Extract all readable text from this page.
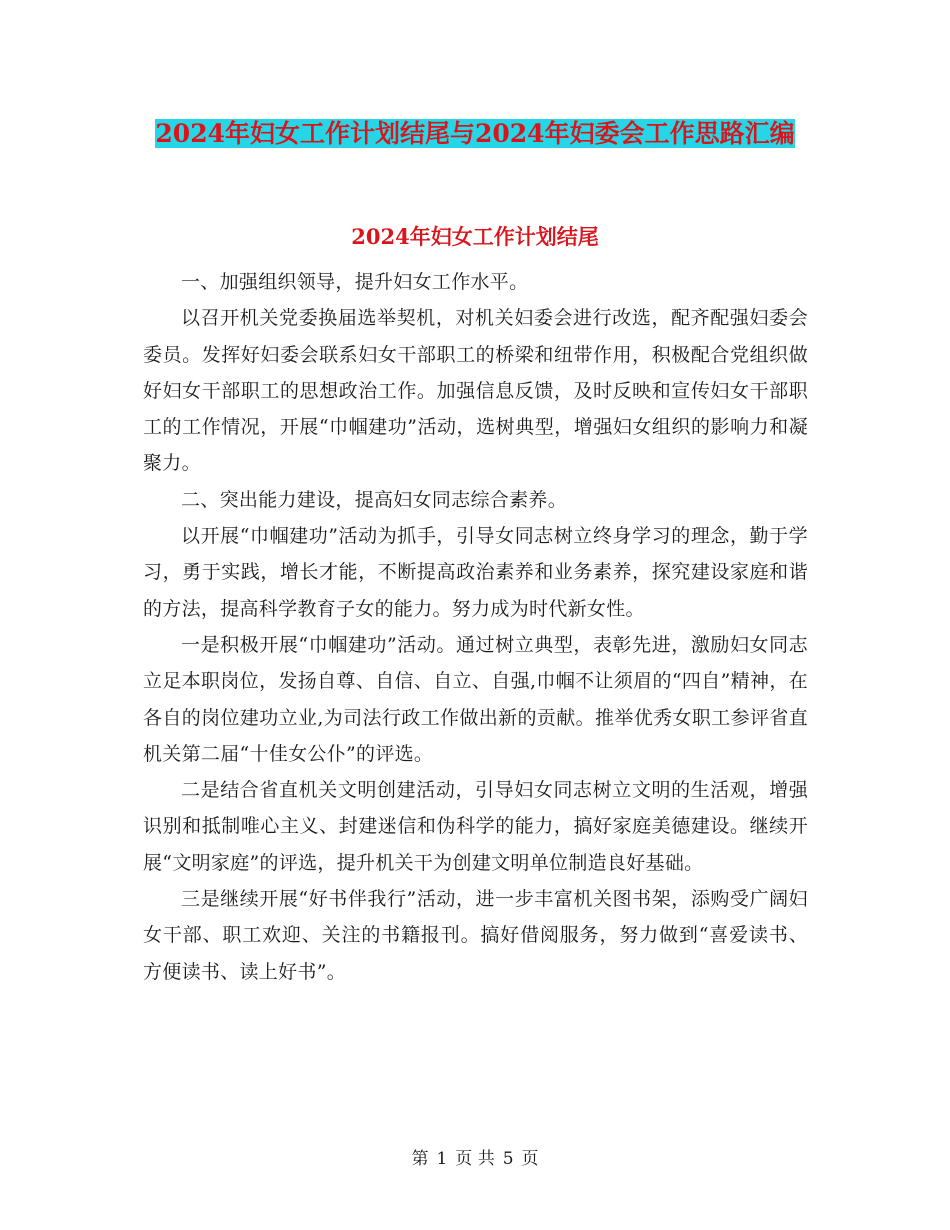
2024年妇女工作计划结尾与2024年妇委会工作思路汇编
2024年妇女工作计划结尾

一、加强组织领导，提升妇女工作水平。

以召开机关党委换届选举契机，对机关妇委会进行改选，配齐配强妇委会委员。发挥好妇委会联系妇女干部职工的桥梁和纽带作用，积极配合党组织做好妇女干部职工的思想政治工作。加强信息反馈，及时反映和宣传妇女干部职工的工作情况，开展“巾帼建功”活动，选树典型，增强妇女组织的影响力和凝聚力。

二、突出能力建设，提高妇女同志综合素养。

以开展“巾帼建功”活动为抓手，引导女同志树立终身学习的理念，勤于学习，勇于实践，增长才能，不断提高政治素养和业务素养，探究建设家庭和谐的方法，提高科学教育子女的能力。努力成为时代新女性。

一是积极开展“巾帼建功”活动。通过树立典型，表彰先进，激励妇女同志立足本职岗位，发扬自尊、自信、自立、自强,巾帼不让须眉的“四自”精神，在各自的岗位建功立业,为司法行政工作做出新的贡献。推举优秀女职工参评省直机关第二届“十佳女公仆”的评选。

二是结合省直机关文明创建活动，引导妇女同志树立文明的生活观，增强识别和抵制唯心主义、封建迷信和伪科学的能力，搞好家庭美德建设。继续开展“文明家庭”的评选，提升机关干为创建文明单位制造良好基础。

三是继续开展“好书伴我行”活动，进一步丰富机关图书架，添购受广阔妇女干部、职工欢迎、关注的书籍报刊。搞好借阅服务，努力做到“喜爱读书、方便读书、读上好书”。

第 1 页 共 5 页
